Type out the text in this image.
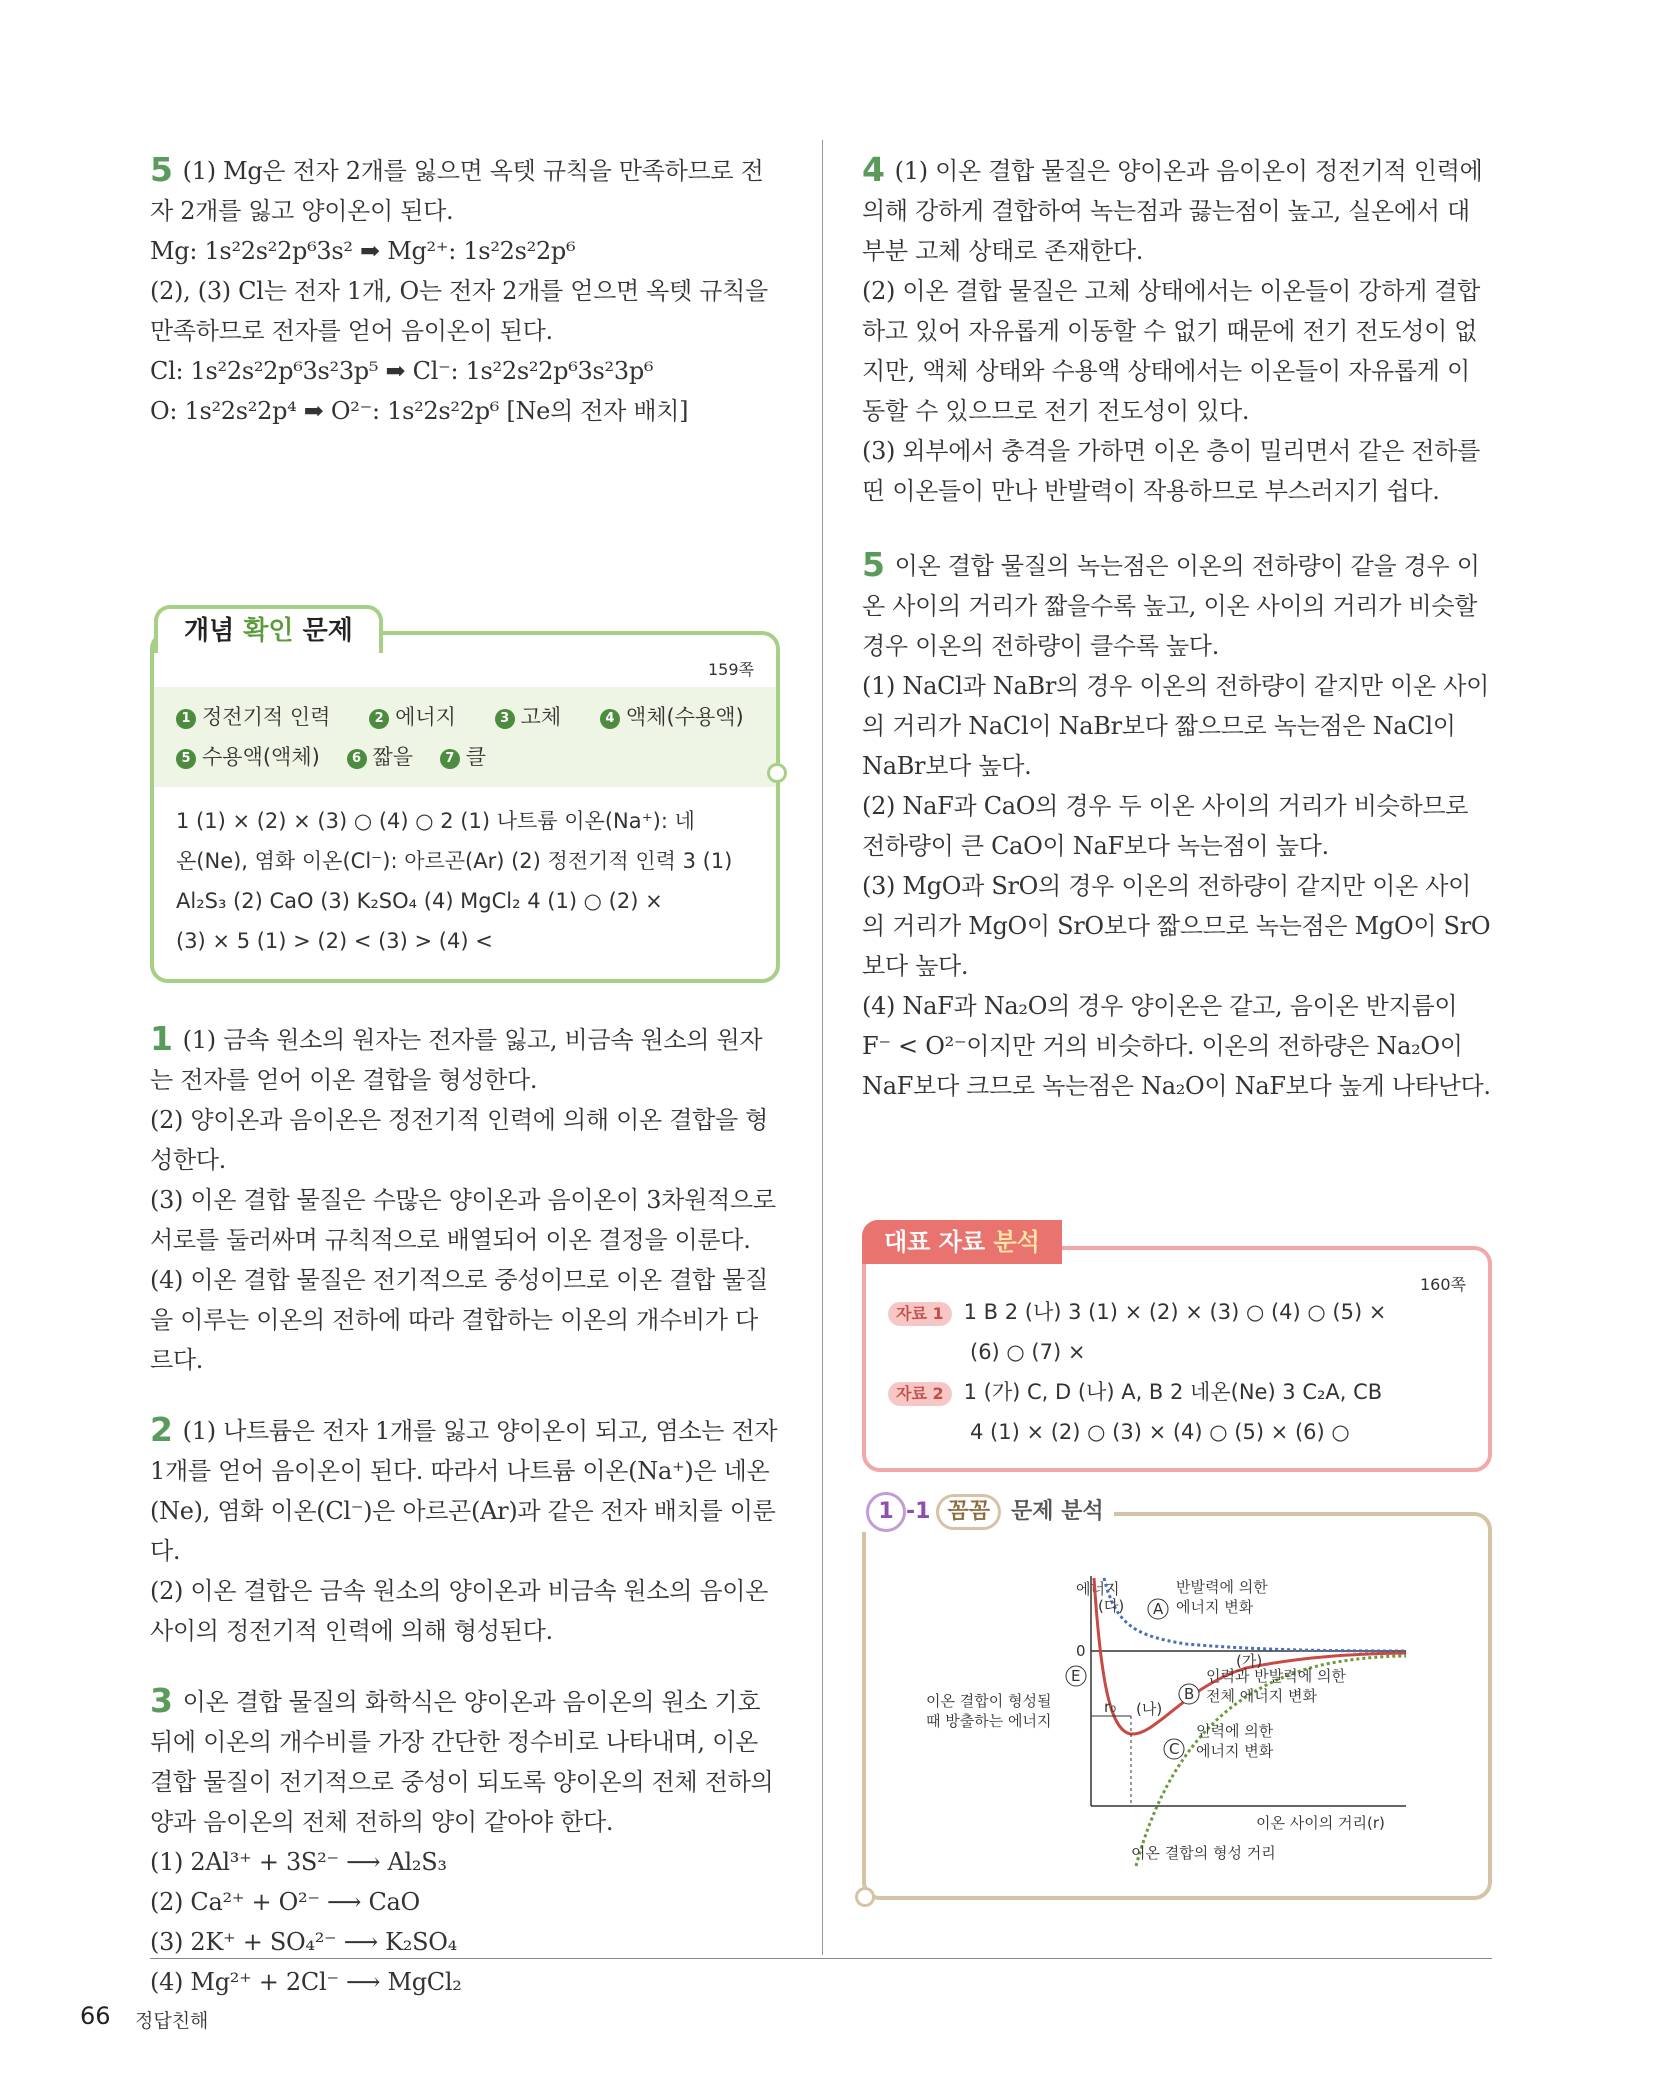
5 (1) Mg은 전자 2개를 잃으면 옥텟 규칙을 만족하므로 전자 2개를 잃고 양이온이 된다.

Mg: 1s²2s²2p⁶3s² ➡ Mg²⁺: 1s²2s²2p⁶

(2), (3) Cl는 전자 1개, O는 전자 2개를 얻으면 옥텟 규칙을 만족하므로 전자를 얻어 음이온이 된다.

Cl: 1s²2s²2p⁶3s²3p⁵ ➡ Cl⁻: 1s²2s²2p⁶3s²3p⁶

O: 1s²2s²2p⁴ ➡ O²⁻: 1s²2s²2p⁶ [Ne의 전자 배치]

개념 확인 문제
159쪽
1 정전기적 인력	2 에너지	3 고체	4 액체(수용액)
5 수용액(액체) 6 짧을 7 클
1 (1) × (2) × (3) ○ (4) ○ 2 (1) 나트륨 이온(Na⁺): 네
온(Ne), 염화 이온(Cl⁻): 아르곤(Ar) (2) 정전기적 인력 3 (1)
Al₂S₃ (2) CaO (3) K₂SO₄ (4) MgCl₂ 4 (1) ○ (2) ×
(3) × 5 (1) > (2) < (3) > (4) <

1 (1) 금속 원소의 원자는 전자를 잃고, 비금속 원소의 원자는 전자를 얻어 이온 결합을 형성한다.

(2) 양이온과 음이온은 정전기적 인력에 의해 이온 결합을 형성한다.

(3) 이온 결합 물질은 수많은 양이온과 음이온이 3차원적으로 서로를 둘러싸며 규칙적으로 배열되어 이온 결정을 이룬다.

(4) 이온 결합 물질은 전기적으로 중성이므로 이온 결합 물질을 이루는 이온의 전하에 따라 결합하는 이온의 개수비가 다르다.

2 (1) 나트륨은 전자 1개를 잃고 양이온이 되고, 염소는 전자 1개를 얻어 음이온이 된다. 따라서 나트륨 이온(Na⁺)은 네온(Ne), 염화 이온(Cl⁻)은 아르곤(Ar)과 같은 전자 배치를 이룬다.

(2) 이온 결합은 금속 원소의 양이온과 비금속 원소의 음이온 사이의 정전기적 인력에 의해 형성된다.

3 이온 결합 물질의 화학식은 양이온과 음이온의 원소 기호 뒤에 이온의 개수비를 가장 간단한 정수비로 나타내며, 이온 결합 물질이 전기적으로 중성이 되도록 양이온의 전체 전하의 양과 음이온의 전체 전하의 양이 같아야 한다.

(1) 2Al³⁺ + 3S²⁻ ⟶ Al₂S₃

(2) Ca²⁺ + O²⁻ ⟶ CaO

(3) 2K⁺ + SO₄²⁻ ⟶ K₂SO₄

(4) Mg²⁺ + 2Cl⁻ ⟶ MgCl₂

4 (1) 이온 결합 물질은 양이온과 음이온이 정전기적 인력에 의해 강하게 결합하여 녹는점과 끓는점이 높고, 실온에서 대부분 고체 상태로 존재한다.

(2) 이온 결합 물질은 고체 상태에서는 이온들이 강하게 결합하고 있어 자유롭게 이동할 수 없기 때문에 전기 전도성이 없지만, 액체 상태와 수용액 상태에서는 이온들이 자유롭게 이동할 수 있으므로 전기 전도성이 있다.

(3) 외부에서 충격을 가하면 이온 층이 밀리면서 같은 전하를 띤 이온들이 만나 반발력이 작용하므로 부스러지기 쉽다.

5 이온 결합 물질의 녹는점은 이온의 전하량이 같을 경우 이온 사이의 거리가 짧을수록 높고, 이온 사이의 거리가 비슷할 경우 이온의 전하량이 클수록 높다.

(1) NaCl과 NaBr의 경우 이온의 전하량이 같지만 이온 사이의 거리가 NaCl이 NaBr보다 짧으므로 녹는점은 NaCl이 NaBr보다 높다.

(2) NaF과 CaO의 경우 두 이온 사이의 거리가 비슷하므로 전하량이 큰 CaO이 NaF보다 녹는점이 높다.

(3) MgO과 SrO의 경우 이온의 전하량이 같지만 이온 사이의 거리가 MgO이 SrO보다 짧으므로 녹는점은 MgO이 SrO보다 높다.

(4) NaF과 Na₂O의 경우 양이온은 같고, 음이온 반지름이 F⁻ < O²⁻이지만 거의 비슷하다. 이온의 전하량은 Na₂O이 NaF보다 크므로 녹는점은 Na₂O이 NaF보다 높게 나타난다.

대표 자료 분석
160쪽
자료 1 1 B 2 (나) 3 (1) × (2) × (3) ○ (4) ○ (5) ×
(6) ○ (7) ×
자료 2 1 (가) C, D (나) A, B 2 네온(Ne) 3 C₂A, CB
4 (1) × (2) ○ (3) × (4) ○ (5) × (6) ○
1 -1 꼼꼼 문제 분석
에너지
0
이온 사이의 거리(r)
(다)
(가)
(나)
A
B
C
E
반발력에 의한
에너지 변화
인력과 반발력에 의한
전체 에너지 변화
인력에 의한
에너지 변화
이온 결합이 형성될
때 방출하는 에너지
r₀
이온 결합의 형성 거리
66 정답친해
